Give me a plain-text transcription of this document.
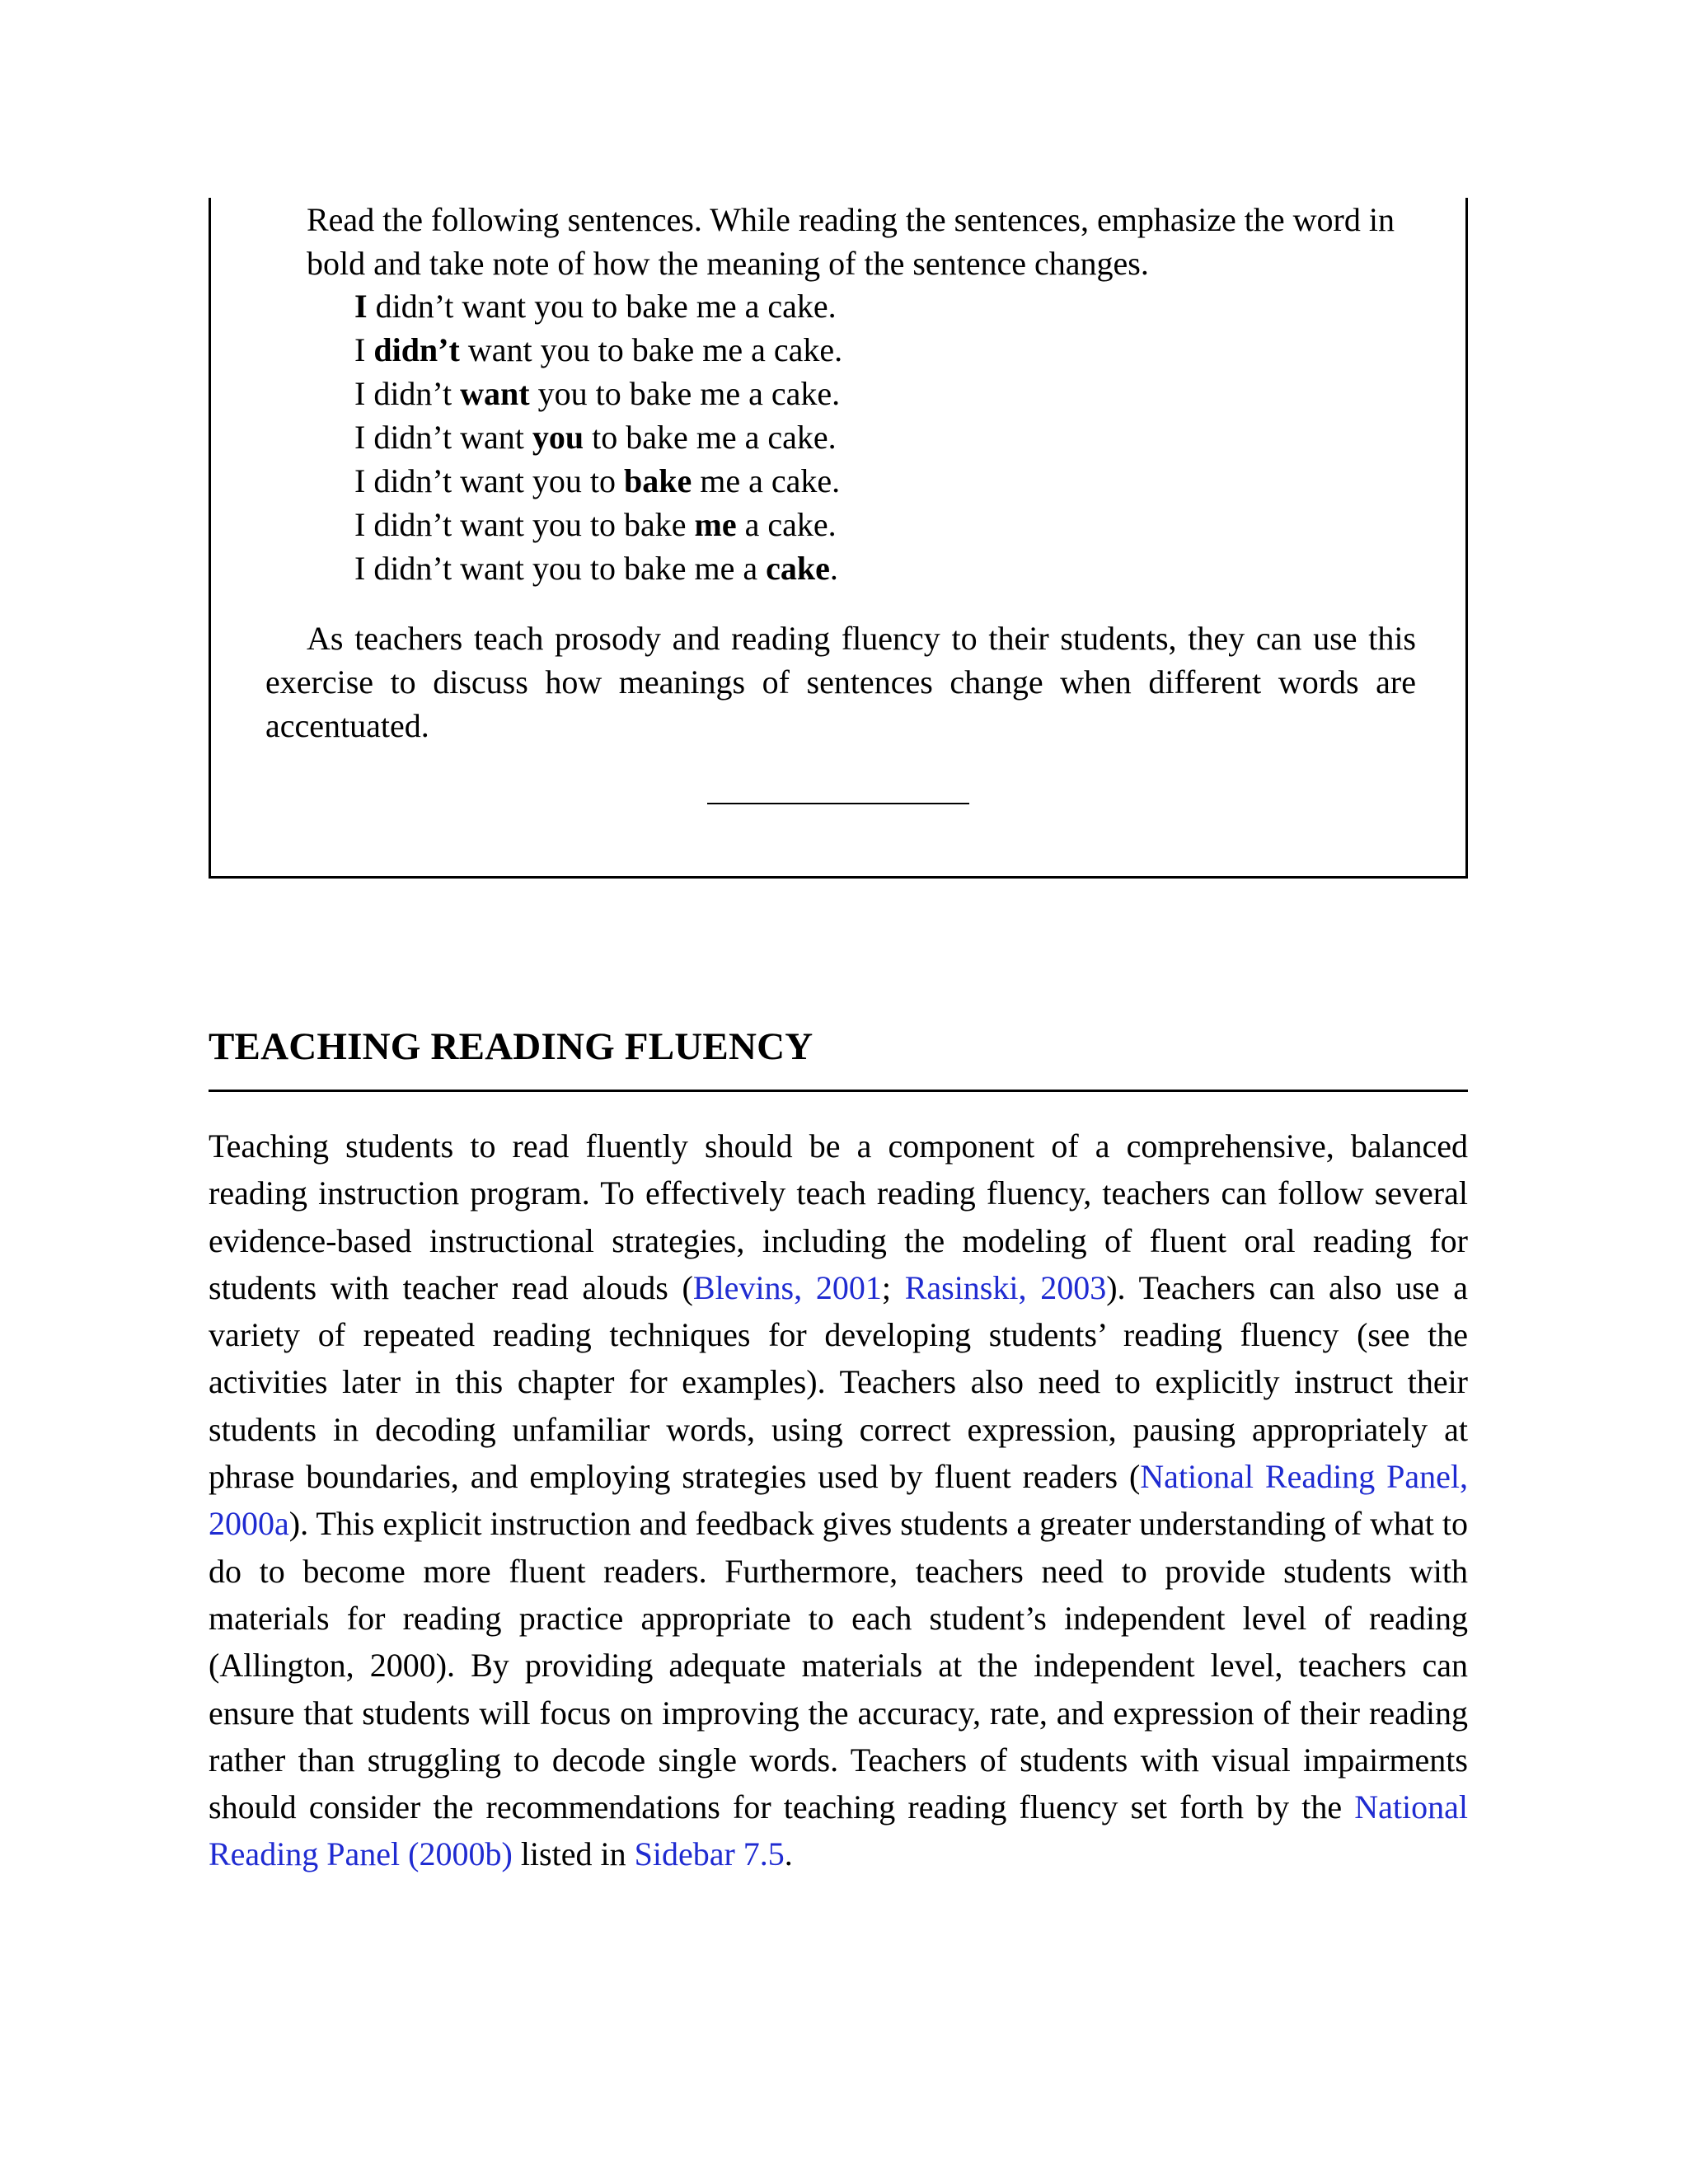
Read the following sentences. While reading the sentences, emphasize the word in bold and take note of how the meaning of the sentence changes.

I didn’t want you to bake me a cake.
I didn’t want you to bake me a cake.
I didn’t want you to bake me a cake.
I didn’t want you to bake me a cake.
I didn’t want you to bake me a cake.
I didn’t want you to bake me a cake.
I didn’t want you to bake me a cake.

As teachers teach prosody and reading fluency to their students, they can use this exercise to discuss how meanings of sentences change when different words are accentuated.

TEACHING READING FLUENCY

Teaching students to read fluently should be a component of a comprehensive, balanced reading instruction program. To effectively teach reading fluency, teachers can follow several evidence-based instructional strategies, including the modeling of fluent oral reading for students with teacher read alouds (Blevins, 2001; Rasinski, 2003). Teachers can also use a variety of repeated reading techniques for developing students’ reading fluency (see the activities later in this chapter for examples). Teachers also need to explicitly instruct their students in decoding unfamiliar words, using correct expression, pausing appropriately at phrase boundaries, and employing strategies used by fluent readers (National Reading Panel, 2000a). This explicit instruction and feedback gives students a greater understanding of what to do to become more fluent readers. Furthermore, teachers need to provide students with materials for reading practice appropriate to each student’s independent level of reading (Allington, 2000). By providing adequate materials at the independent level, teachers can ensure that students will focus on improving the accuracy, rate, and expression of their reading rather than struggling to decode single words. Teachers of students with visual impairments should consider the recommendations for teaching reading fluency set forth by the National Reading Panel (2000b) listed in Sidebar 7.5.
